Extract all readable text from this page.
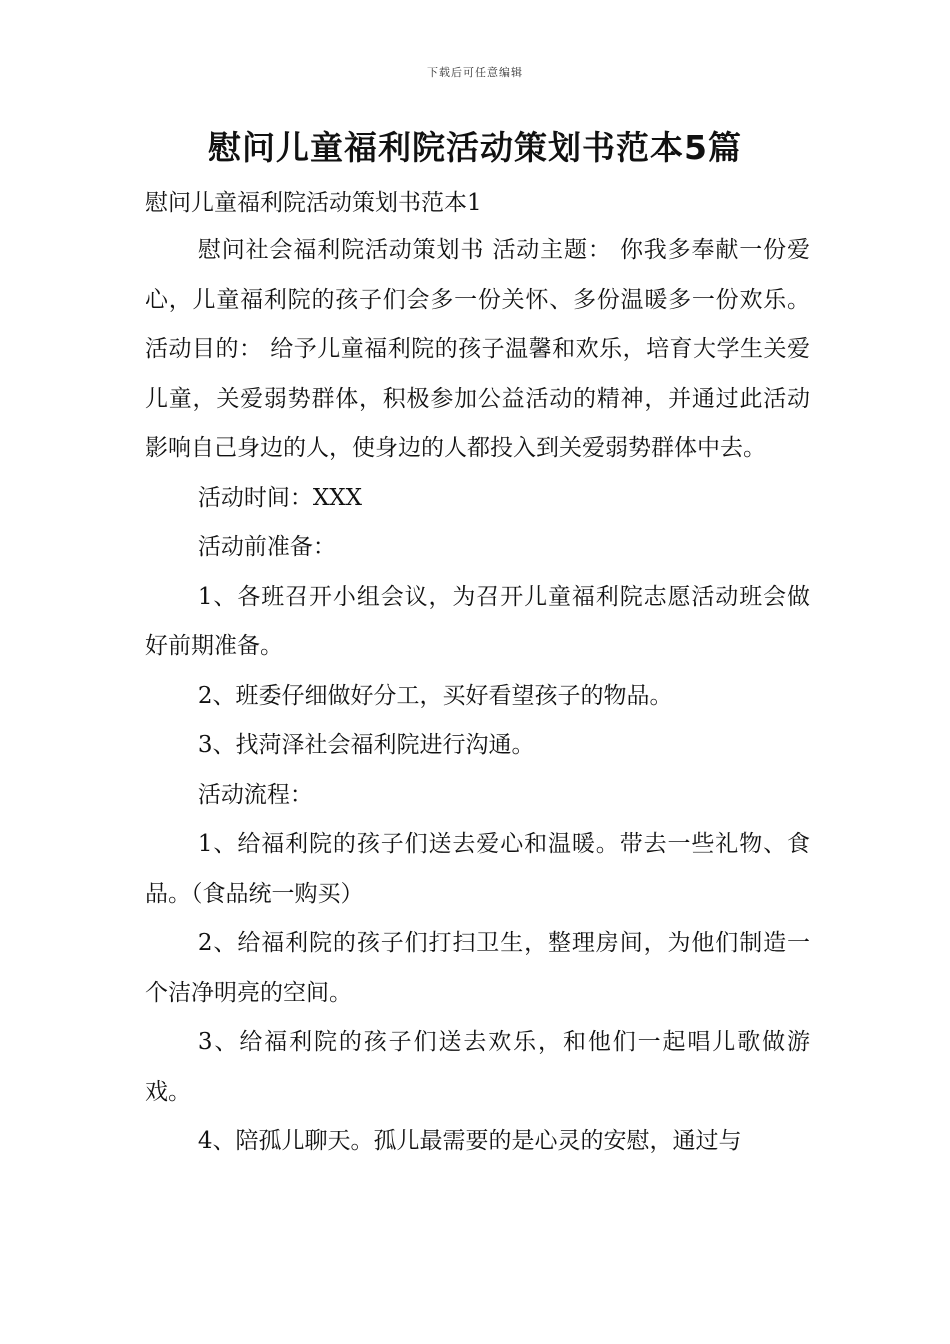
下载后可任意编辑
慰问儿童福利院活动策划书范本5篇
慰问儿童福利院活动策划书范本1

慰问社会福利院活动策划书 活动主题： 你我多奉献一份爱心，儿童福利院的孩子们会多一份关怀、多份温暖多一份欢乐。 活动目的： 给予儿童福利院的孩子温馨和欢乐，培育大学生关爱儿童，关爱弱势群体，积极参加公益活动的精神，并通过此活动影响自己身边的人，使身边的人都投入到关爱弱势群体中去。

活动时间：XXX

活动前准备：

1、各班召开小组会议，为召开儿童福利院志愿活动班会做好前期准备。

2、班委仔细做好分工，买好看望孩子的物品。

3、找菏泽社会福利院进行沟通。

活动流程：

1、给福利院的孩子们送去爱心和温暖。带去一些礼物、食品。（食品统一购买）

2、给福利院的孩子们打扫卫生，整理房间，为他们制造一个洁净明亮的空间。

3、给福利院的孩子们送去欢乐，和他们一起唱儿歌做游戏。

4、陪孤儿聊天。孤儿最需要的是心灵的安慰，通过与
